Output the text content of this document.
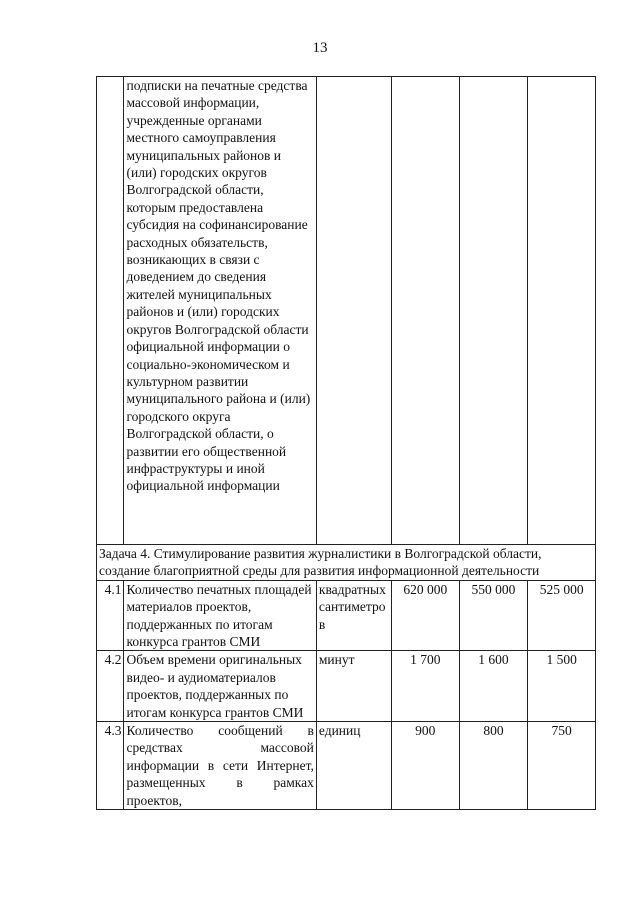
13
	подписки на печатные средства массовой информации, учрежденные органами местного самоуправления муниципальных районов и (или) городских округов Волгоградской области, которым предоставлена субсидия на софинансирование расходных обязательств, возникающих в связи с доведением до сведения жителей муниципальных районов и (или) городских округов Волгоградской области официальной информации о социально-экономическом и культурном развитии муниципального района и (или) городского округа Волгоградской области, о развитии его общественной инфраструктуры и иной официальной информации				
Задача 4. Стимулирование развития журналистики в Волгоградской области, создание благоприятной среды для развития информационной деятельности					
4.1	Количество печатных площадей материалов проектов, поддержанных по итогам конкурса грантов СМИ	квадратных сантиметров	620 000	550 000	525 000
4.2	Объем времени оригинальных видео- и аудиоматериалов проектов, поддержанных по итогам конкурса грантов СМИ	минут	1 700	1 600	1 500
4.3	Количество сообщений в средствах массовой информации в сети Интернет, размещенных в рамках проектов,	единиц	900	800	750
